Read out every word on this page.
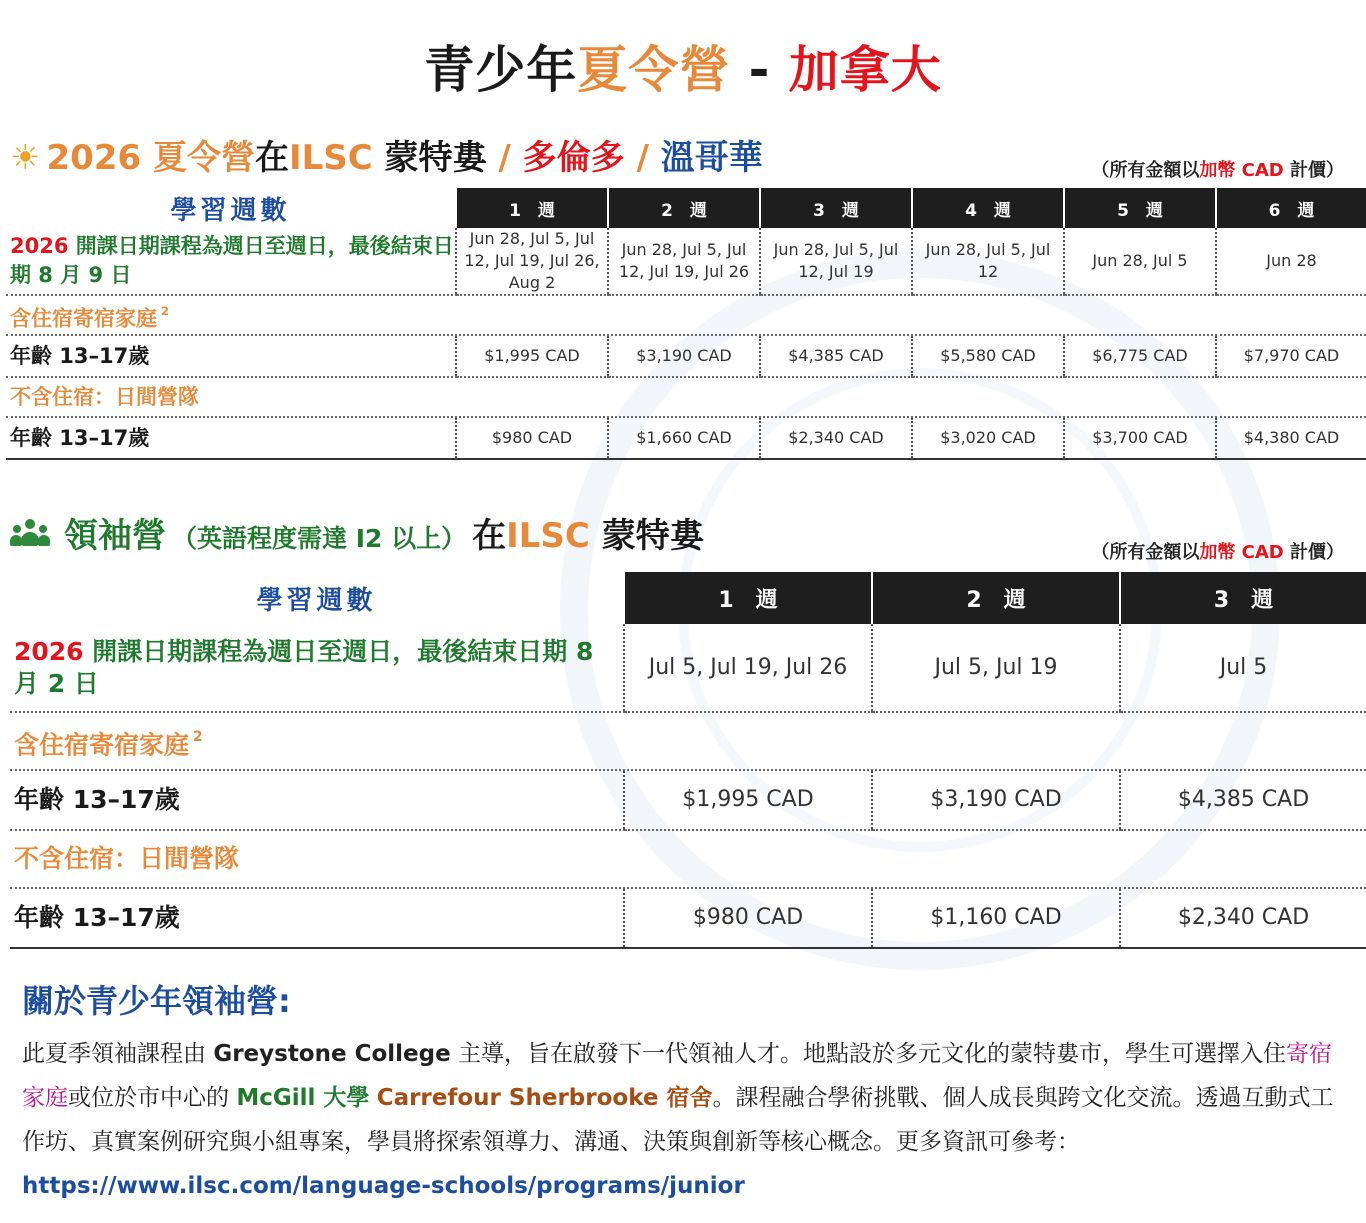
青少年夏令營 - 加拿大
☀ 2026 夏令營在ILSC 蒙特婁 / 多倫多 / 溫哥華	（所有金額以加幣 CAD 計價）
學習週數	1　週	2　週	3　週	4　週	5　週	6　週
2026 開課日期課程為週日至週日，最後結束日期 8 月 9 日	Jun 28, Jul 5, Jul 12, Jul 19, Jul 26, Aug 2	Jun 28, Jul 5, Jul 12, Jul 19, Jul 26	Jun 28, Jul 5, Jul 12, Jul 19	Jun 28, Jul 5, Jul 12	Jun 28, Jul 5	Jun 28
含住宿寄宿家庭 $^2$
年齡 13–17歲	$1,995 CAD	$3,190 CAD	$4,385 CAD	$5,580 CAD	$6,775 CAD	$7,970 CAD
不含住宿：日間營隊						
年齡 13–17歲	$980 CAD	$1,660 CAD	$2,340 CAD	$3,020 CAD	$3,700 CAD	$4,380 CAD
領袖營 （英語程度需達 I2 以上） 在ILSC 蒙特婁	（所有金額以加幣 CAD 計價）
學習週數	1　週	2　週	3　週
2026 開課日期課程為週日至週日，最後結束日期 8 月 2 日	Jul 5, Jul 19, Jul 26	Jul 5, Jul 19	Jul 5
含住宿寄宿家庭 $^2$
年齡 13–17歲	$1,995 CAD	$3,190 CAD	$4,385 CAD
不含住宿：日間營隊			
年齡 13–17歲	$980 CAD	$1,160 CAD	$2,340 CAD
關於青少年領袖營:

此夏季領袖課程由 Greystone College 主導，旨在啟發下一代領袖人才。地點設於多元文化的蒙特婁市，學生可選擇入住寄宿家庭或位於市中心的 McGill 大學 Carrefour Sherbrooke 宿舍。課程融合學術挑戰、個人成長與跨文化交流。透過互動式工作坊、真實案例研究與小組專案，學員將探索領導力、溝通、決策與創新等核心概念。更多資訊可參考：https://www.ilsc.com/language-schools/programs/junior
